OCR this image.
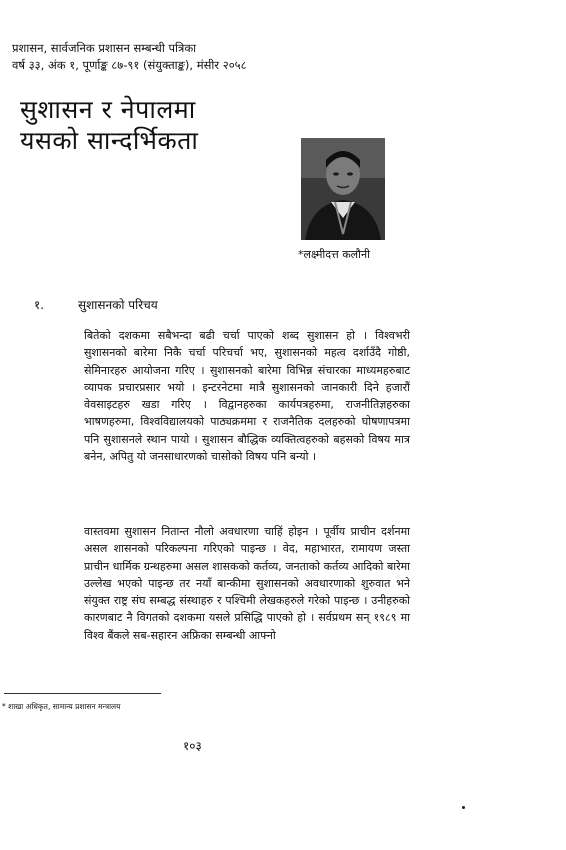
प्रशासन, सार्वजनिक प्रशासन सम्बन्धी पत्रिका
वर्ष ३३, अंक १, पूर्णाङ्क ८७-९१ (संयुक्ताङ्क), मंसीर २०५८
सुशासन र नेपालमा
यसको सान्दर्भिकता
*लक्ष्मीदत्त कलौनी
१.	सुशासनको परिचय
बितेको दशकमा सबैभन्दा बढी चर्चा पाएको शब्द सुशासन हो । विश्वभरी सुशासनको बारेमा निकै चर्चा परिचर्चा भए, सुशासनको महत्व दर्शाउँदै गोष्ठी, सेमिनारहरु आयोजना गरिए । सुशासनको बारेमा विभिन्न संचारका माध्यमहरुबाट व्यापक प्रचारप्रसार भयो । इन्टरनेटमा मात्रै सुशासनको जानकारी दिने हजारौं वेवसाइटहरु खडा गरिए । विद्वानहरुका कार्यपत्रहरुमा, राजनीतिज्ञहरुका भाषणहरुमा, विश्वविद्यालयको पाठ्यक्रममा र राजनैतिक दलहरुको घोषणापत्रमा पनि सुशासनले स्थान पायो । सुशासन बौद्धिक व्यक्तित्वहरुको बहसको विषय मात्र बनेन, अपितु यो जनसाधारणको चासोको विषय पनि बन्यो ।
वास्तवमा सुशासन नितान्त नौलो अवधारणा चाहिं होइन । पूर्वीय प्राचीन दर्शनमा असल शासनको परिकल्पना गरिएको पाइन्छ । वेद, महाभारत, रामायण जस्ता प्राचीन धार्मिक ग्रन्थहरुमा असल शासकको कर्तव्य, जनताको कर्तव्य आदिको बारेमा उल्लेख भएको पाइन्छ तर नयाँ बान्कीमा सुशासनको अवधारणाको शुरुवात भने संयुक्त राष्ट्र संघ सम्बद्ध संस्थाहरु र पश्चिमी लेखकहरुले गरेको पाइन्छ । उनीहरुको कारणबाट नै विगतको दशकमा यसले प्रसिद्धि पाएको हो । सर्वप्रथम सन् १९८९ मा विश्व बैंकले सब-सहारन अफ्रिका सम्बन्धी आफ्नो
* शाखा अधिकृत, सामान्य प्रशासन मन्त्रालय
१०३
